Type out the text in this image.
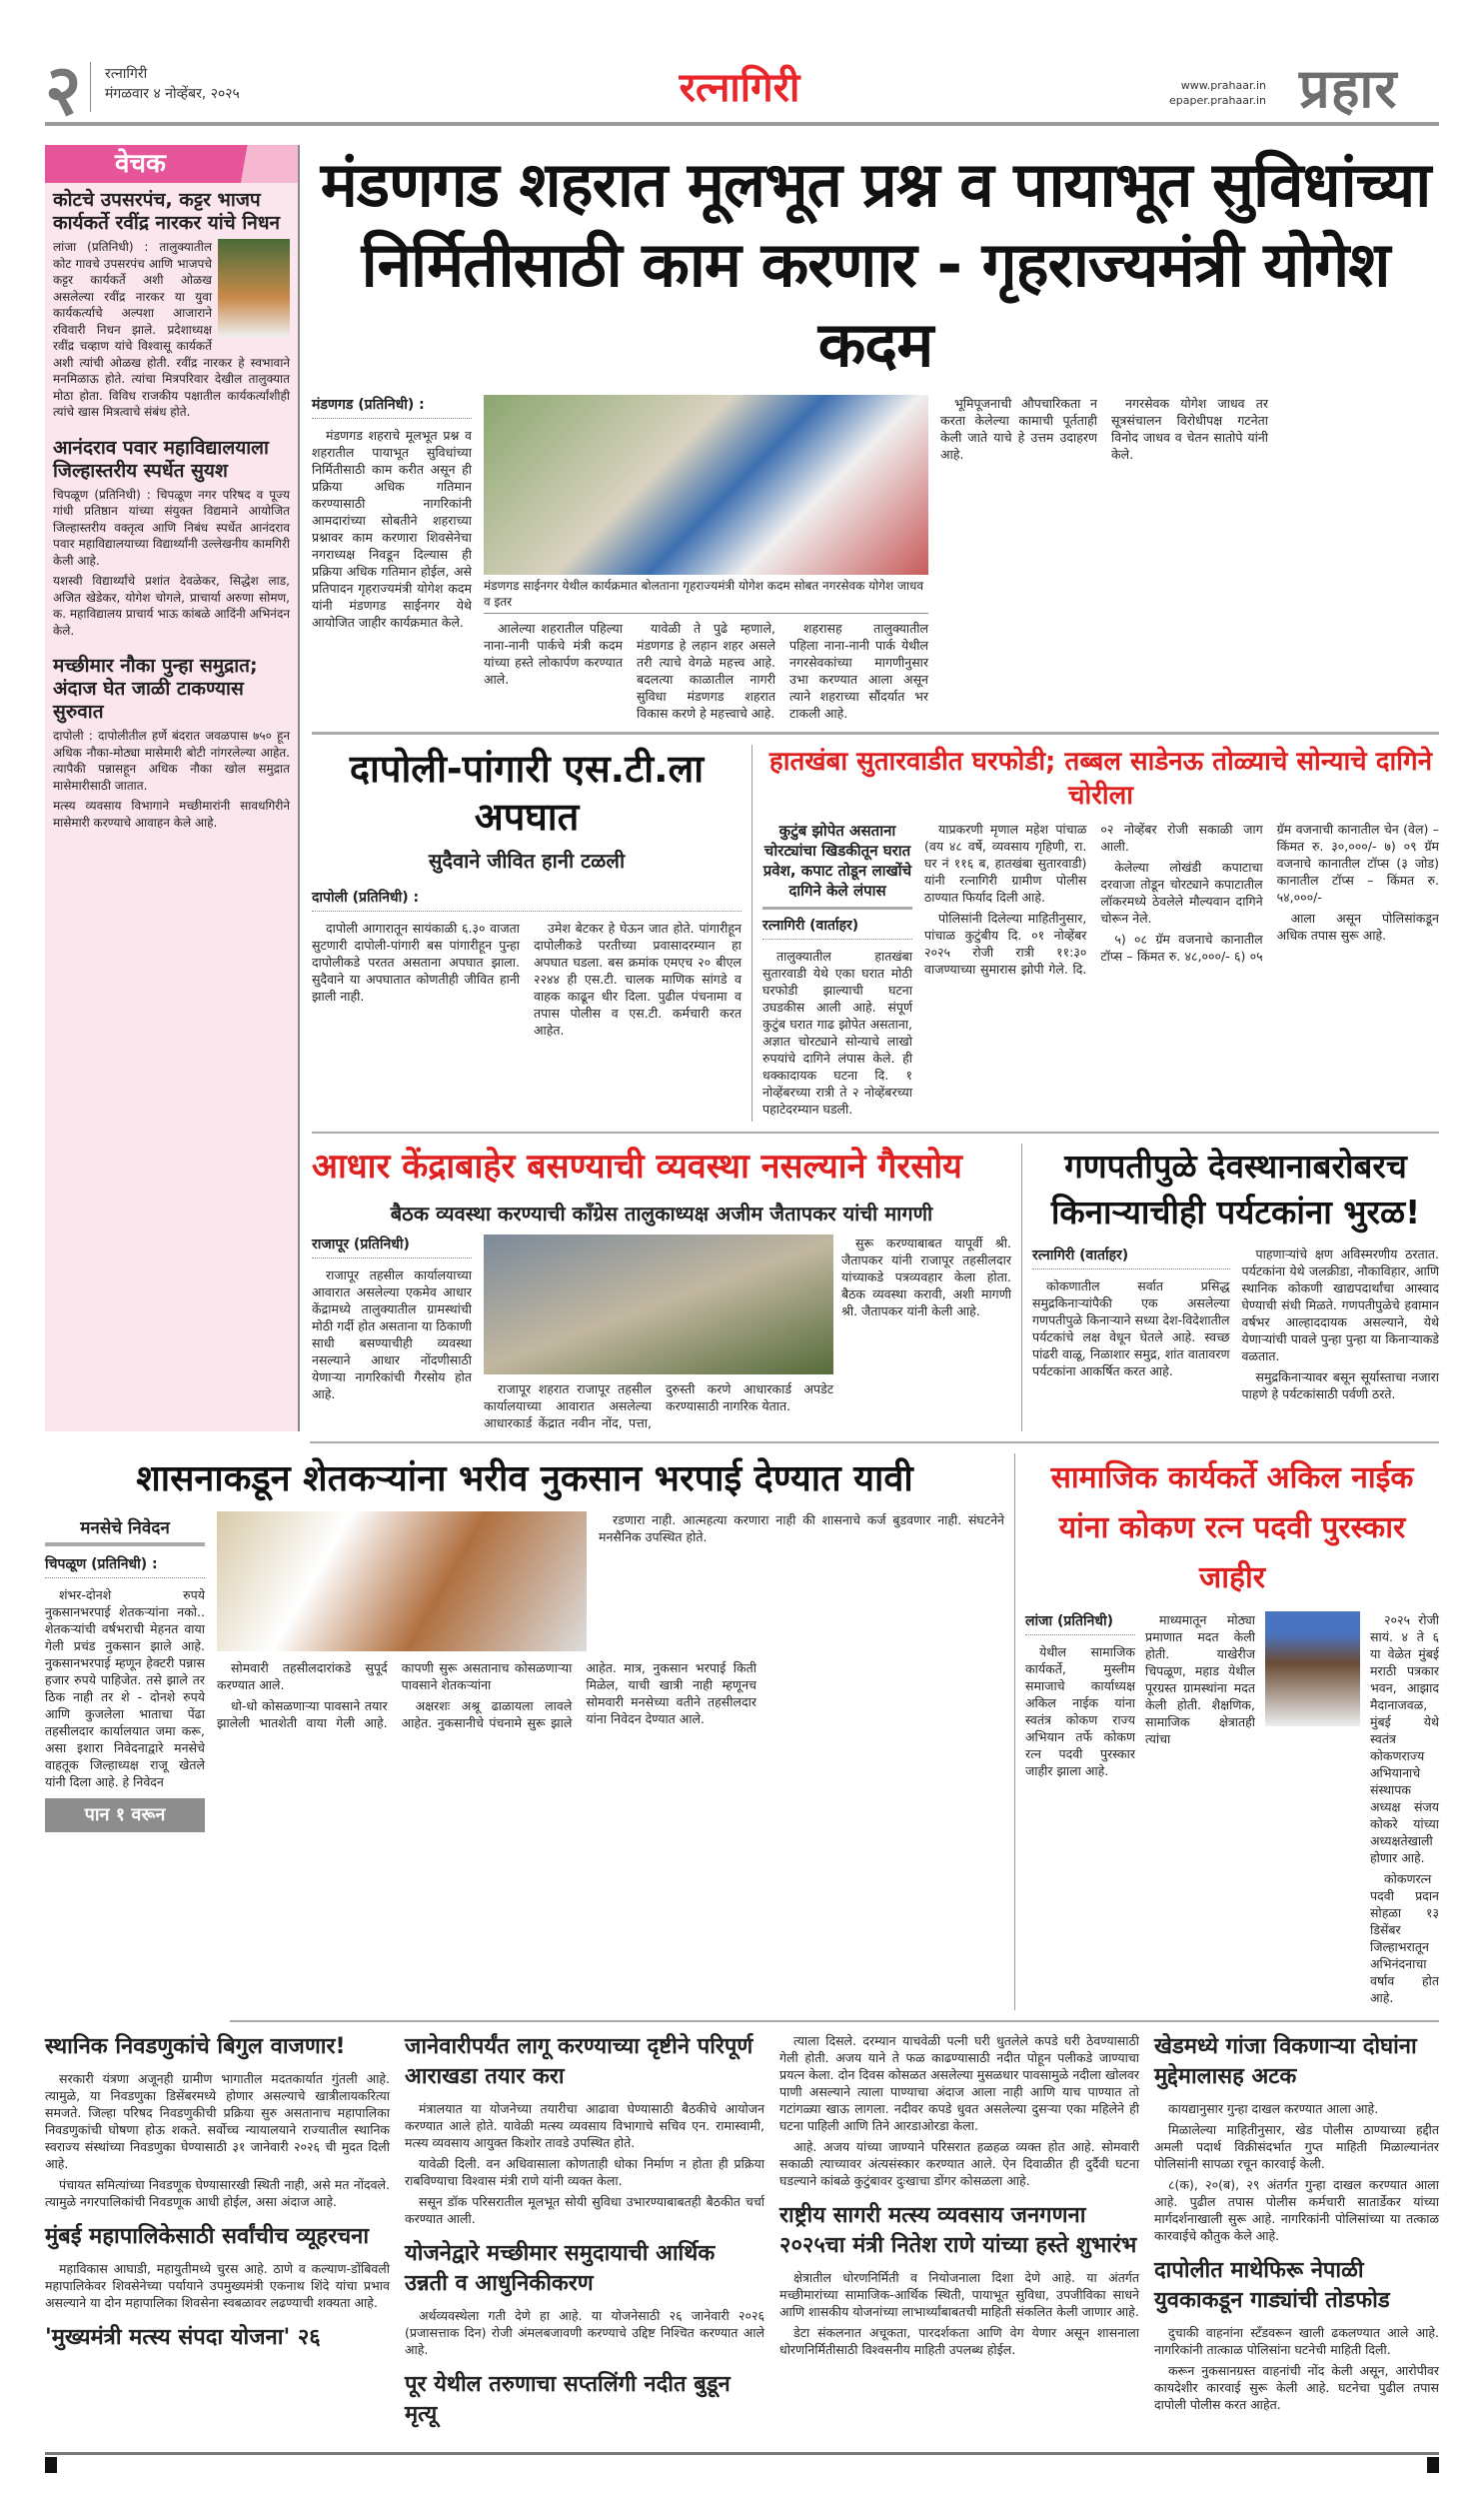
२ रत्नागिरी
मंगळवार ४ नोव्हेंबर, २०२५	रत्नागिरी	www.prahaar.in
epaper.prahaar.in प्रहार
वेचक
कोटचे उपसरपंच, कट्टर भाजप कार्यकर्ते रवींद्र नारकर यांचे निधन

लांजा (प्रतिनिधी) : तालुक्यातील कोट गावचे उपसरपंच आणि भाजपचे कट्टर कार्यकर्ते अशी ओळख असलेल्या रवींद्र नारकर या युवा कार्यकर्त्याचे अल्पशा आजाराने रविवारी निधन झाले. प्रदेशाध्यक्ष रवींद्र चव्हाण यांचे विश्वासू कार्यकर्ते अशी त्यांची ओळख होती. रवींद्र नारकर हे स्वभावाने मनमिळाऊ होते. त्यांचा मित्रपरिवार देखील तालुक्यात मोठा होता. विविध राजकीय पक्षातील कार्यकर्त्यांशीही त्यांचे खास मित्रत्वाचे संबंध होते.

आनंदराव पवार महाविद्यालयाला जिल्हास्तरीय स्पर्धेत सुयश

चिपळूण (प्रतिनिधी) : चिपळूण नगर परिषद व पूज्य गांधी प्रतिष्ठान यांच्या संयुक्त विद्यमाने आयोजित जिल्हास्तरीय वक्तृत्व आणि निबंध स्पर्धेत आनंदराव पवार महाविद्यालयाच्या विद्यार्थ्यांनी उल्लेखनीय कामगिरी केली आहे.

यशस्वी विद्यार्थ्यांचे प्रशांत देवळेकर, सिद्धेश लाड, अजित खेडेकर, योगेश चोगले, प्राचार्या अरुणा सोमण, क. महाविद्यालय प्राचार्य भाऊ कांबळे आदिंनी अभिनंदन केले.

मच्छीमार नौका पुन्हा समुद्रात; अंदाज घेत जाळी टाकण्यास सुरुवात

दापोली : दापोलीतील हर्णे बंदरात जवळपास ७५० हून अधिक नौका-मोठ्या मासेमारी बोटी नांगरलेल्या आहेत. त्यापैकी पन्नासहून अधिक नौका खोल समुद्रात मासेमारीसाठी जातात.

मत्स्य व्यवसाय विभागाने मच्छीमारांनी सावधगिरीने मासेमारी करण्याचे आवाहन केले आहे.

मंडणगड शहरात मूलभूत प्रश्न व पायाभूत सुविधांच्या निर्मितीसाठी काम करणार - गृहराज्यमंत्री योगेश कदम
मंडणगड (प्रतिनिधी) :

मंडणगड शहराचे मूलभूत प्रश्न व शहरातील पायाभूत सुविधांच्या निर्मितीसाठी काम करीत असून ही प्रक्रिया अधिक गतिमान करण्यासाठी नागरिकांनी आमदारांच्या सोबतीने शहराच्या प्रश्नावर काम करणारा शिवसेनेचा नगराध्यक्ष निवडून दिल्यास ही प्रक्रिया अधिक गतिमान होईल, असे प्रतिपादन गृहराज्यमंत्री योगेश कदम यांनी मंडणगड साईनगर येथे आयोजित जाहीर कार्यक्रमात केले.

मंडणगड साईनगर येथील कार्यक्रमात बोलताना गृहराज्यमंत्री योगेश कदम सोबत नगरसेवक योगेश जाधव व इतर

आलेल्या शहरातील पहिल्या नाना-नानी पार्कचे मंत्री कदम यांच्या हस्ते लोकार्पण करण्यात आले.

यावेळी ते पुढे म्हणाले, मंडणगड हे लहान शहर असले तरी त्याचे वेगळे महत्त्व आहे. बदलत्या काळातील नागरी सुविधा मंडणगड शहरात विकास करणे हे महत्त्वाचे आहे.

शहरासह तालुक्यातील पहिला नाना-नानी पार्क येथील नगरसेवकांच्या मागणीनुसार उभा करण्यात आला असून त्याने शहराच्या सौंदर्यात भर टाकली आहे.

भूमिपूजनाची औपचारिकता न करता केलेल्या कामाची पूर्तताही केली जाते याचे हे उत्तम उदाहरण आहे.

नगरसेवक योगेश जाधव तर सूत्रसंचालन विरोधीपक्ष गटनेता विनोद जाधव व चेतन सातोपे यांनी केले.

दापोली-पांगारी एस.टी.ला अपघात
सुदैवाने जीवित हानी टळली
दापोली (प्रतिनिधी) :

दापोली आगारातून सायंकाळी ६.३० वाजता सुटणारी दापोली-पांगारी बस पांगारीहून पुन्हा दापोलीकडे परतत असताना अपघात झाला. सुदैवाने या अपघातात कोणतीही जीवित हानी झाली नाही.

उमेश बेटकर हे घेऊन जात होते. पांगारीहून दापोलीकडे परतीच्या प्रवासादरम्यान हा अपघात घडला. बस क्रमांक एमएच २० बीएल २२४४ ही एस.टी. चालक माणिक सांगडे व वाहक काढून धीर दिला. पुढील पंचनामा व तपास पोलीस व एस.टी. कर्मचारी करत आहेत.

हातखंबा सुतारवाडीत घरफोडी; तब्बल साडेनऊ तोळ्याचे सोन्याचे दागिने चोरीला
कुटुंब झोपेत असताना चोरट्यांचा खिडकीतून घरात प्रवेश, कपाट तोडून लाखोंचे दागिने केले लंपास
रत्नागिरी (वार्ताहर)

तालुक्यातील हातखंबा सुतारवाडी येथे एका घरात मोठी घरफोडी झाल्याची घटना उघडकीस आली आहे. संपूर्ण कुटुंब घरात गाढ झोपेत असताना, अज्ञात चोरट्याने सोन्याचे लाखो रुपयांचे दागिने लंपास केले. ही धक्कादायक घटना दि. १ नोव्हेंबरच्या रात्री ते २ नोव्हेंबरच्या पहाटेदरम्यान घडली.

याप्रकरणी मृणाल महेश पांचाळ (वय ४८ वर्षे, व्यवसाय गृहिणी, रा. घर नं ११६ ब, हातखंबा सुतारवाडी) यांनी रत्नागिरी ग्रामीण पोलीस ठाण्यात फिर्याद दिली आहे.

पोलिसांनी दिलेल्या माहितीनुसार, पांचाळ कुटुंबीय दि. ०१ नोव्हेंबर २०२५ रोजी रात्री ११:३० वाजण्याच्या सुमारास झोपी गेले. दि. ०२ नोव्हेंबर रोजी सकाळी जाग आली.

केलेल्या लोखंडी कपाटाचा दरवाजा तोडून चोरट्याने कपाटातील लॉकरमध्ये ठेवलेले मौल्यवान दागिने चोरून नेले.

५) ०८ ग्रॅम वजनाचे कानातील टॉप्स – किंमत रु. ४८,०००/- ६) ०५ ग्रॅम वजनाची कानातील चेन (वेल) – किंमत रु. ३०,०००/- ७) ०९ ग्रॅम वजनाचे कानातील टॉप्स (३ जोड) कानातील टॉप्स – किंमत रु. ५४,०००/-

आला असून पोलिसांकडून अधिक तपास सुरू आहे.

आधार केंद्राबाहेर बसण्याची व्यवस्था नसल्याने गैरसोय
बैठक व्यवस्था करण्याची काँग्रेस तालुकाध्यक्ष अजीम जैतापकर यांची मागणी
राजापूर (प्रतिनिधी)

राजापूर तहसील कार्यालयाच्या आवारात असलेल्या एकमेव आधार केंद्रामध्ये तालुक्यातील ग्रामस्थांची मोठी गर्दी होत असताना या ठिकाणी साधी बसण्याचीही व्यवस्था नसल्याने आधार नोंदणीसाठी येणाऱ्या नागरिकांची गैरसोय होत आहे.

सुरू करण्याबाबत यापूर्वी श्री. जैतापकर यांनी राजापूर तहसीलदार यांच्याकडे पत्रव्यवहार केला होता. बैठक व्यवस्था करावी, अशी मागणी श्री. जैतापकर यांनी केली आहे.

राजापूर शहरात राजापूर तहसील कार्यालयाच्या आवारात असलेल्या आधारकार्ड केंद्रात नवीन नोंद, पत्ता, दुरुस्ती करणे आधारकार्ड अपडेट करण्यासाठी नागरिक येतात.

गणपतीपुळे देवस्थानाबरोबरच किनाऱ्याचीही पर्यटकांना भुरळ!
रत्नागिरी (वार्ताहर)

कोकणातील सर्वात प्रसिद्ध समुद्रकिनाऱ्यांपैकी एक असलेल्या गणपतीपुळे किनाऱ्याने सध्या देश-विदेशातील पर्यटकांचे लक्ष वेधून घेतले आहे. स्वच्छ पांढरी वाळू, निळाशार समुद्र, शांत वातावरण पर्यटकांना आकर्षित करत आहे.

पाहणाऱ्यांचे क्षण अविस्मरणीय ठरतात. पर्यटकांना येथे जलक्रीडा, नौकाविहार, आणि स्थानिक कोकणी खाद्यपदार्थांचा आस्वाद घेण्याची संधी मिळते. गणपतीपुळेचे हवामान वर्षभर आल्हाददायक असल्याने, येथे येणाऱ्यांची पावले पुन्हा पुन्हा या किनाऱ्याकडे वळतात.

समुद्रकिनाऱ्यावर बसून सूर्यास्ताचा नजारा पाहणे हे पर्यटकांसाठी पर्वणी ठरते.

शासनाकडून शेतकऱ्यांना भरीव नुकसान भरपाई देण्यात यावी
मनसेचे निवेदन
चिपळूण (प्रतिनिधी) :

शंभर-दोनशे रुपये नुकसानभरपाई शेतकऱ्यांना नको.. शेतकऱ्यांची वर्षभराची मेहनत वाया गेली प्रचंड नुकसान झाले आहे. नुकसानभरपाई म्हणून हेक्टरी पन्नास हजार रुपये पाहिजेत. तसे झाले तर ठिक नाही तर शे - दोनशे रुपये आणि कुजलेला भाताचा पेंढा तहसीलदार कार्यालयात जमा करू, असा इशारा निवेदनाद्वारे मनसेचे वाहतूक जिल्हाध्यक्ष राजू खेतले यांनी दिला आहे. हे निवेदन

पान १ वरून

रडणारा नाही. आत्महत्या करणारा नाही की शासनाचे कर्ज बुडवणार नाही. संघटनेने मनसैनिक उपस्थित होते.

सोमवारी तहसीलदारांकडे सुपूर्द करण्यात आले.

धो-धो कोसळणाऱ्या पावसाने तयार झालेली भातशेती वाया गेली आहे. कापणी सुरू असतानाच कोसळणाऱ्या पावसाने शेतकऱ्यांना

अक्षरशः अश्रू ढाळायला लावले आहेत. नुकसानीचे पंचनामे सुरू झाले आहेत. मात्र, नुकसान भरपाई किती मिळेल, याची खात्री नाही म्हणूनच सोमवारी मनसेच्या वतीने तहसीलदार यांना निवेदन देण्यात आले.

सामाजिक कार्यकर्ते अकिल नाईक यांना कोकण रत्न पदवी पुरस्कार जाहीर
लांजा (प्रतिनिधी)

येथील सामाजिक कार्यकर्ते, मुस्लीम समाजाचे कार्याध्यक्ष अकिल नाईक यांना स्वतंत्र कोकण राज्य अभियान तर्फे कोकण रत्न पदवी पुरस्कार जाहीर झाला आहे.

माध्यमातून मोठ्या प्रमाणात मदत केली होती. याखेरीज चिपळूण, महाड येथील पूरग्रस्त ग्रामस्थांना मदत केली होती. शैक्षणिक, सामाजिक क्षेत्रातही त्यांचा

२०२५ रोजी सायं. ४ ते ६ या वेळेत मुंबई मराठी पत्रकार भवन, आझाद मैदानाजवळ, मुंबई येथे स्वतंत्र कोकणराज्य अभियानाचे संस्थापक अध्यक्ष संजय कोकरे यांच्या अध्यक्षतेखाली होणार आहे.

कोकणरत्न पदवी प्रदान सोहळा १३ डिसेंबर जिल्हाभरातून अभिनंदनाचा वर्षाव होत आहे.

स्थानिक निवडणुकांचे बिगुल वाजणार!

सरकारी यंत्रणा अजूनही ग्रामीण भागातील मदतकार्यात गुंतली आहे. त्यामुळे, या निवडणुका डिसेंबरमध्ये होणार असल्याचे खात्रीलायकरित्या समजते. जिल्हा परिषद निवडणुकीची प्रक्रिया सुरु असतानाच महापालिका निवडणुकांची घोषणा होऊ शकते. सर्वोच्च न्यायालयाने राज्यातील स्थानिक स्वराज्य संस्थांच्या निवडणुका घेण्यासाठी ३१ जानेवारी २०२६ ची मुदत दिली आहे.

पंचायत समित्यांच्या निवडणूक घेण्यासारखी स्थिती नाही, असे मत नोंदवले. त्यामुळे नगरपालिकांची निवडणूक आधी होईल, असा अंदाज आहे.

मुंबई महापालिकेसाठी सर्वांचीच व्यूहरचना

महाविकास आघाडी, महायुतीमध्ये चुरस आहे. ठाणे व कल्याण-डोंबिवली महापालिकेवर शिवसेनेच्या पर्यायाने उपमुख्यमंत्री एकनाथ शिंदे यांचा प्रभाव असल्याने या दोन महापालिका शिवसेना स्वबळावर लढण्याची शक्यता आहे.

'मुख्यमंत्री मत्स्य संपदा योजना' २६
जानेवारीपर्यंत लागू करण्याच्या दृष्टीने परिपूर्ण आराखडा तयार करा

मंत्रालयात या योजनेच्या तयारीचा आढावा घेण्यासाठी बैठकीचे आयोजन करण्यात आले होते. यावेळी मत्स्य व्यवसाय विभागाचे सचिव एन. रामास्वामी, मत्स्य व्यवसाय आयुक्त किशोर तावडे उपस्थित होते.

यावेळी दिली. वन अधिवासाला कोणताही धोका निर्माण न होता ही प्रक्रिया राबविण्याचा विश्वास मंत्री राणे यांनी व्यक्त केला.

ससून डॉक परिसरातील मूलभूत सोयी सुविधा उभारण्याबाबतही बैठकीत चर्चा करण्यात आली.

योजनेद्वारे मच्छीमार समुदायाची आर्थिक उन्नती व आधुनिकीकरण

अर्थव्यवस्थेला गती देणे हा आहे. या योजनेसाठी २६ जानेवारी २०२६ (प्रजासत्ताक दिन) रोजी अंमलबजावणी करण्याचे उद्दिष्ट निश्चित करण्यात आले आहे.

पूर येथील तरुणाचा सप्तलिंगी नदीत बुडून मृत्यू

त्याला दिसले. दरम्यान याचवेळी पत्नी घरी धुतलेले कपडे घरी ठेवण्यासाठी गेली होती. अजय याने ते फळ काढण्यासाठी नदीत पोहून पलीकडे जाण्याचा प्रयत्न केला. दोन दिवस कोसळत असलेल्या मुसळधार पावसामुळे नदीला खोलवर पाणी असल्याने त्याला पाण्याचा अंदाज आला नाही आणि याच पाण्यात तो गटांगळ्या खाऊ लागला. नदीवर कपडे धुवत असलेल्या दुसऱ्या एका महिलेने ही घटना पाहिली आणि तिने आरडाओरडा केला.

आहे. अजय यांच्या जाण्याने परिसरात हळहळ व्यक्त होत आहे. सोमवारी सकाळी त्याच्यावर अंत्यसंस्कार करण्यात आले. ऐन दिवाळीत ही दुर्दैवी घटना घडल्याने कांबळे कुटुंबावर दुःखाचा डोंगर कोसळला आहे.

राष्ट्रीय सागरी मत्स्य व्यवसाय जनगणना २०२५चा मंत्री नितेश राणे यांच्या हस्ते शुभारंभ

क्षेत्रातील धोरणनिर्मिती व नियोजनाला दिशा देणे आहे. या अंतर्गत मच्छीमारांच्या सामाजिक-आर्थिक स्थिती, पायाभूत सुविधा, उपजीविका साधने आणि शासकीय योजनांच्या लाभार्थ्यांबाबतची माहिती संकलित केली जाणार आहे.

डेटा संकलनात अचूकता, पारदर्शकता आणि वेग येणार असून शासनाला धोरणनिर्मितीसाठी विश्वसनीय माहिती उपलब्ध होईल.

खेडमध्ये गांजा विकणाऱ्या दोघांना मुद्देमालासह अटक

कायद्यानुसार गुन्हा दाखल करण्यात आला आहे.

मिळालेल्या माहितीनुसार, खेड पोलीस ठाण्याच्या हद्दीत अमली पदार्थ विक्रीसंदर्भात गुप्त माहिती मिळाल्यानंतर पोलिसांनी सापळा रचून कारवाई केली.

८(क), २०(ब), २९ अंतर्गत गुन्हा दाखल करण्यात आला आहे. पुढील तपास पोलीस कर्मचारी सातार्डेकर यांच्या मार्गदर्शनाखाली सुरू आहे. नागरिकांनी पोलिसांच्या या तत्काळ कारवाईचे कौतुक केले आहे.

दापोलीत माथेफिरू नेपाळी युवकाकडून गाड्यांची तोडफोड

दुचाकी वाहनांना स्टँडवरून खाली ढकलण्यात आले आहे. नागरिकांनी तात्काळ पोलिसांना घटनेची माहिती दिली.

करून नुकसानग्रस्त वाहनांची नोंद केली असून, आरोपीवर कायदेशीर कारवाई सुरू केली आहे. घटनेचा पुढील तपास दापोली पोलीस करत आहेत.
